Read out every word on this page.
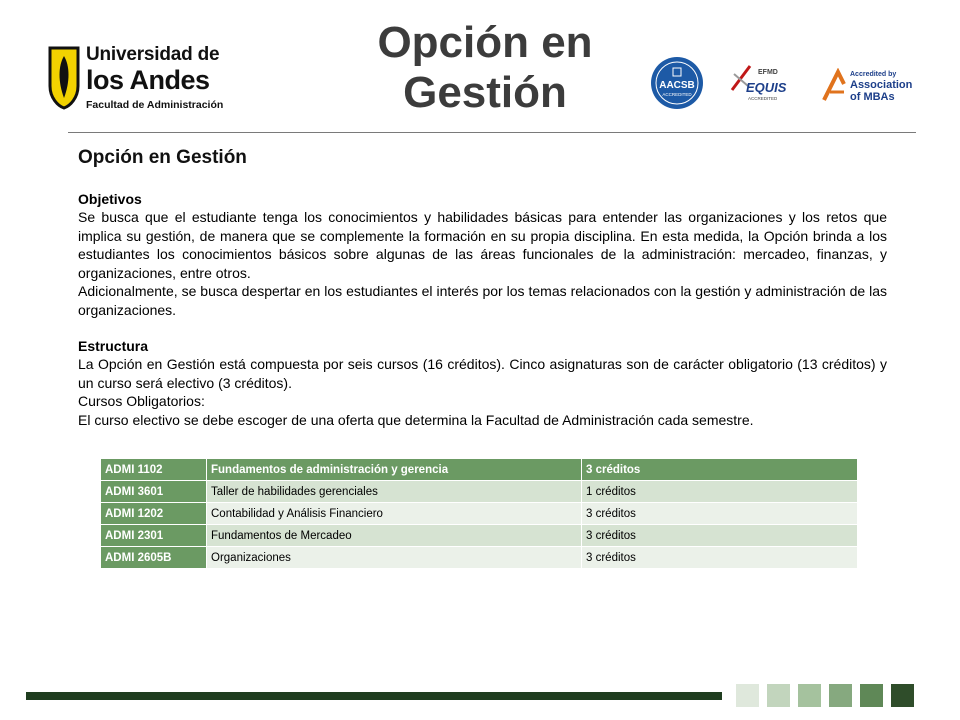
Universidad de
los Andes
Facultad de Administración
Opción en
Gestión	AACSB
ACCREDITED
EFMD
EQUIS
ACCREDITED
Accredited by
Association
of MBAs
Opción en Gestión
Objetivos

Se busca que el estudiante tenga los conocimientos y habilidades básicas para entender las organizaciones y los retos que implica su gestión, de manera que se complemente la formación en su propia disciplina. En esta medida, la Opción brinda a los estudiantes los conocimientos básicos sobre algunas de las áreas funcionales de la administración: mercadeo, finanzas, y organizaciones, entre otros.

Adicionalmente, se busca despertar en los estudiantes el interés por los temas relacionados con la gestión y administración de las organizaciones.

Estructura

La Opción en Gestión está compuesta por seis cursos (16 créditos). Cinco asignaturas son de carácter obligatorio (13 créditos) y un curso será electivo (3 créditos).

Cursos Obligatorios:

El curso electivo se debe escoger de una oferta que determina la Facultad de Administración cada semestre.

ADMI 1102	Fundamentos de administración y gerencia	3 créditos
ADMI 3601	Taller de habilidades gerenciales	1 créditos
ADMI 1202	Contabilidad y Análisis Financiero	3 créditos
ADMI 2301	Fundamentos de Mercadeo	3 créditos
ADMI 2605B	Organizaciones	3 créditos
